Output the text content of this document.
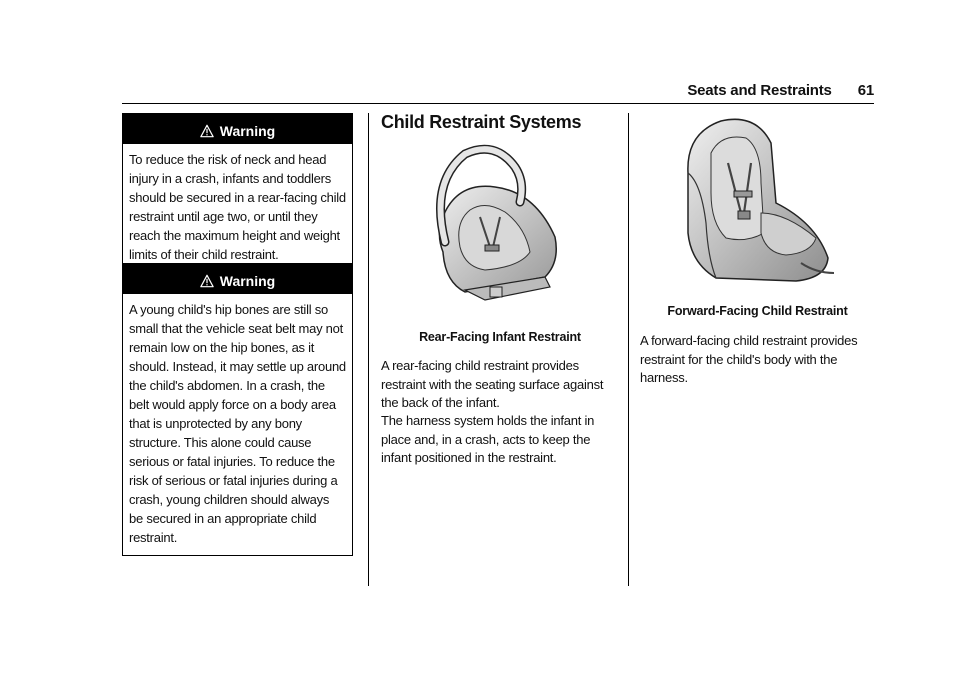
Seats and Restraints 61
Warning
To reduce the risk of neck and head injury in a crash, infants and toddlers should be secured in a rear-facing child restraint until age two, or until they reach the maximum height and weight limits of their child restraint.
Warning
A young child's hip bones are still so small that the vehicle seat belt may not remain low on the hip bones, as it should. Instead, it may settle up around the child's abdomen. In a crash, the belt would apply force on a body area that is unprotected by any bony structure. This alone could cause serious or fatal injuries. To reduce the risk of serious or fatal injuries during a crash, young children should always be secured in an appropriate child restraint.
Child Restraint Systems
Rear-Facing Infant Restraint
A rear-facing child restraint provides restraint with the seating surface against the back of the infant.
The harness system holds the infant in place and, in a crash, acts to keep the infant positioned in the restraint.
Forward-Facing Child Restraint
A forward-facing child restraint provides restraint for the child's body with the harness.
